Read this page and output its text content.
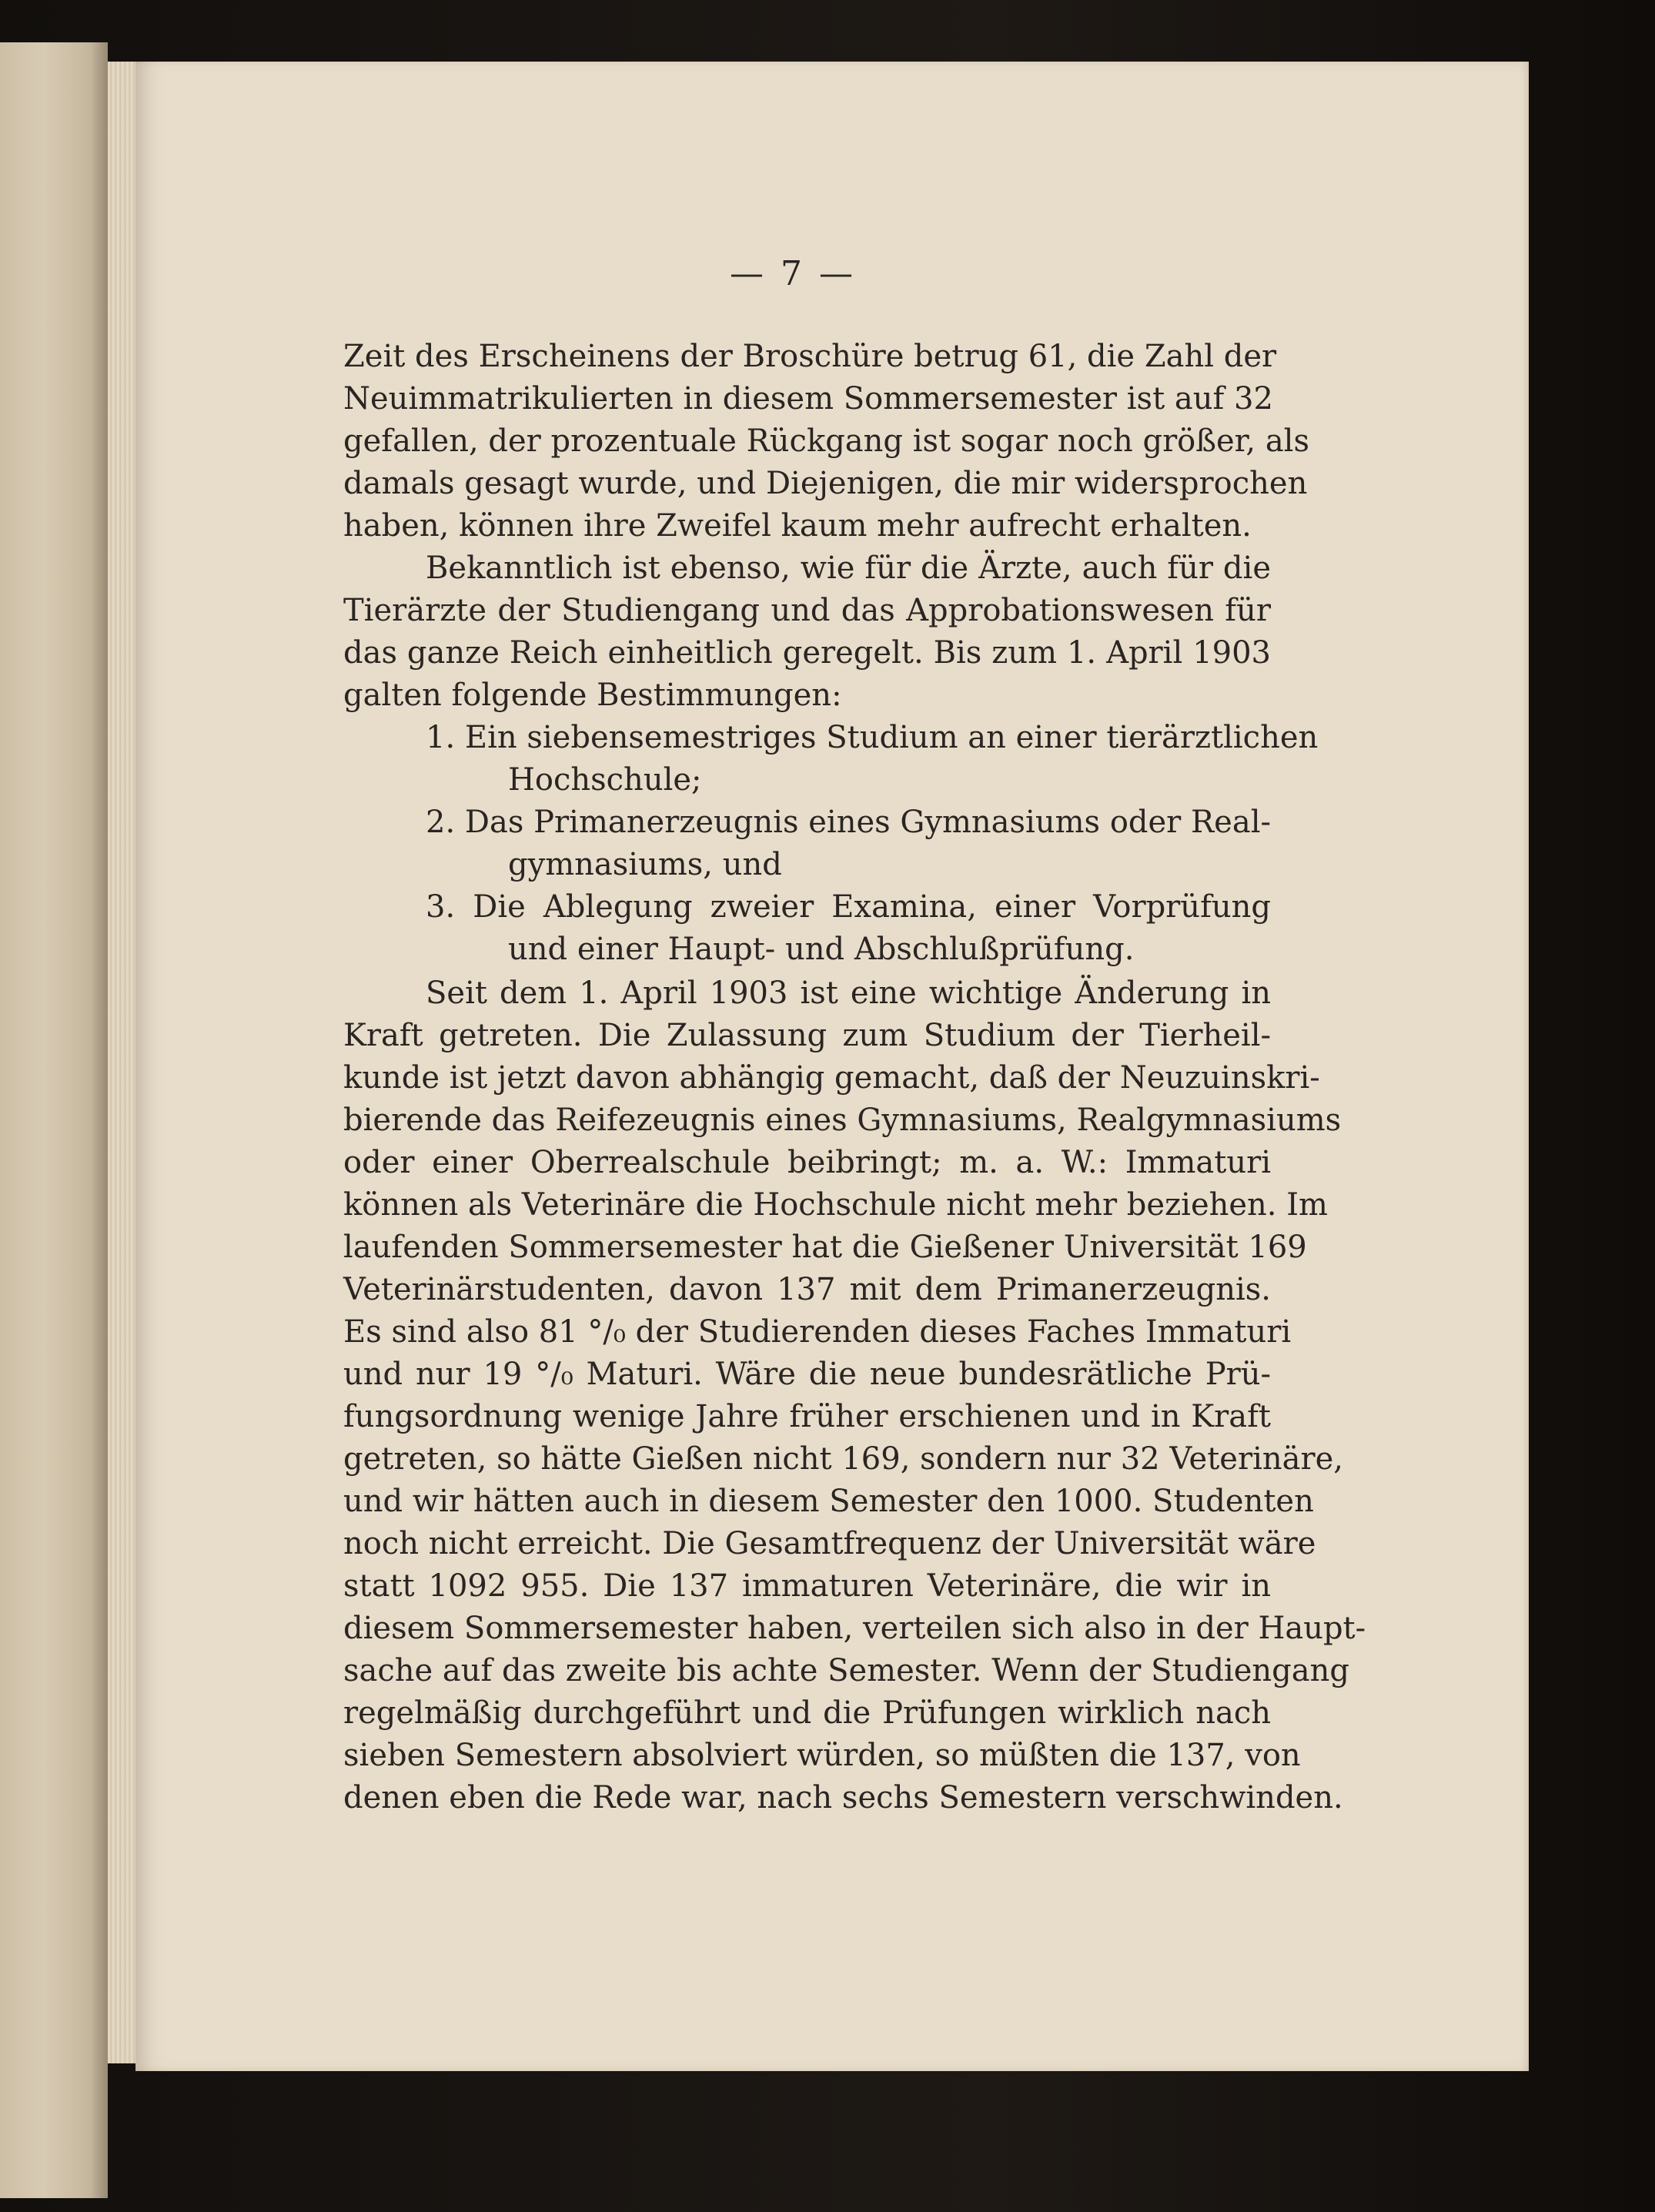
— 7 —
Zeit des Erscheinens der Broschüre betrug 61, die Zahl der
Neuimmatrikulierten in diesem Sommersemester ist auf 32
gefallen, der prozentuale Rückgang ist sogar noch größer, als
damals gesagt wurde, und Diejenigen, die mir widersprochen
haben, können ihre Zweifel kaum mehr aufrecht erhalten.
Bekanntlich ist ebenso, wie für die Ärzte, auch für die
Tierärzte der Studiengang und das Approbationswesen für
das ganze Reich einheitlich geregelt. Bis zum 1. April 1903
galten folgende Bestimmungen:
1. Ein siebensemestriges Studium an einer tierärztlichen
Hochschule;
2. Das Primanerzeugnis eines Gymnasiums oder Real-
gymnasiums, und
3. Die Ablegung zweier Examina, einer Vorprüfung
und einer Haupt- und Abschlußprüfung.
Seit dem 1. April 1903 ist eine wichtige Änderung in
Kraft getreten. Die Zulassung zum Studium der Tierheil-
kunde ist jetzt davon abhängig gemacht, daß der Neuzuinskri-
bierende das Reifezeugnis eines Gymnasiums, Realgymnasiums
oder einer Oberrealschule beibringt; m. a. W.: Immaturi
können als Veterinäre die Hochschule nicht mehr beziehen. Im
laufenden Sommersemester hat die Gießener Universität 169
Veterinärstudenten, davon 137 mit dem Primanerzeugnis.
Es sind also 81 °/₀ der Studierenden dieses Faches Immaturi
und nur 19 °/₀ Maturi. Wäre die neue bundesrätliche Prü-
fungsordnung wenige Jahre früher erschienen und in Kraft
getreten, so hätte Gießen nicht 169, sondern nur 32 Veterinäre,
und wir hätten auch in diesem Semester den 1000. Studenten
noch nicht erreicht. Die Gesamtfrequenz der Universität wäre
statt 1092 955. Die 137 immaturen Veterinäre, die wir in
diesem Sommersemester haben, verteilen sich also in der Haupt-
sache auf das zweite bis achte Semester. Wenn der Studiengang
regelmäßig durchgeführt und die Prüfungen wirklich nach
sieben Semestern absolviert würden, so müßten die 137, von
denen eben die Rede war, nach sechs Semestern verschwinden.
